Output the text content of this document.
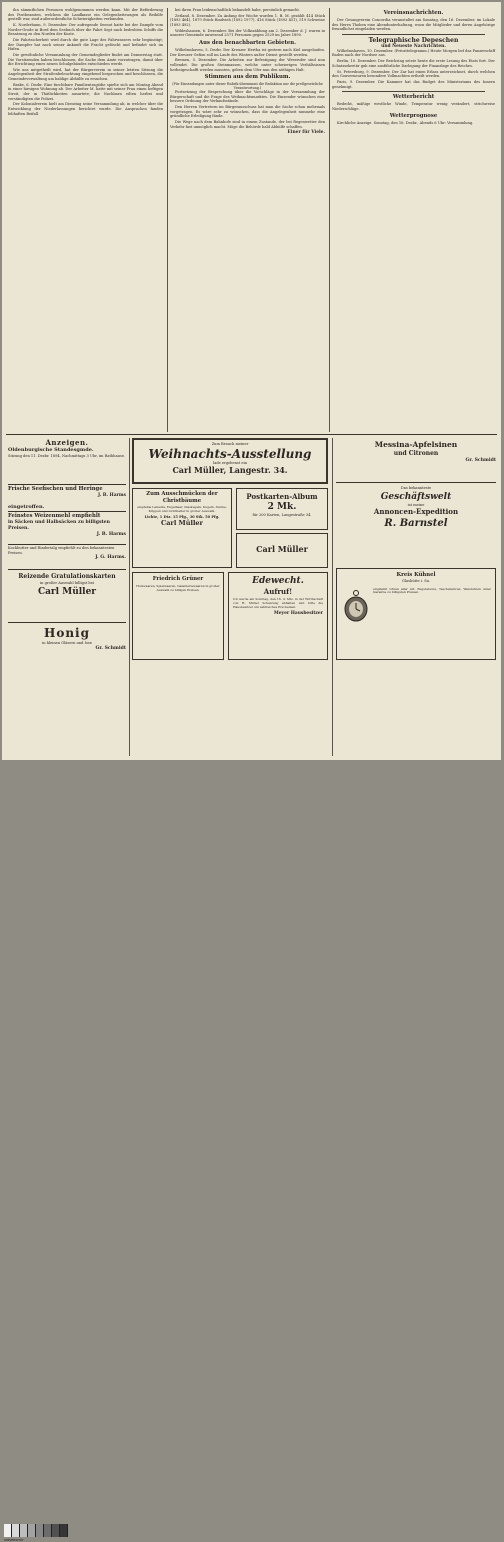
ihn sämmtlichen Personen wohlgenommen werden kann. Mit der Beförderung des Postbeamten, welchem die Landkasse ein Gelegenheitswagen als Beihilfe gestellt war, sind außerordentliche Schwierigkeiten verbunden.

K. Norderhaun, 9. Dezember. Der aufregende Seenot hatte bei der Dampfe vom Norder-Grode in Bord dem Seebuch über die Fahrt Sept nach bedrohten Schiffs die Besatzung zu den Norden der Kuste.

Die Fahrtsicherheit wird durch die gute Lage des Fahrwassers sehr begünstigt; der Dampfer hat nach seiner Ankunft die Fracht gelöscht und befindet sich im Hafen.

Die gewöhnliche Versammlung der Gemeindeglieder findet am Donnerstag statt. Die Vorsitzenden haben beschlossen, die Sache dem Amte vorzutragen, damit über die Errichtung eines neuen Schulgebäudes entschieden werde.

Wie uns mitgetheilt wird, hat der Bürgerverein in seiner letzten Sitzung die Angelegenheit der Straßenbeleuchtung eingehend besprochen und beschlossen, die Gemeindeverwaltung um baldige Abhülfe zu ersuchen.

Brake, 6. Dezbr. Eine furchtbare Familientragödie spielte sich am Montag Abend in einer hiesigen Wohnung ab. Der Arbeiter M. hatte mit seiner Frau einen heftigen Streit, der in Thätlichkeiten ausartete; die Nachbarn eilten herbei und verständigten die Polizei.

Der Kolonialverein hielt am Dienstag seine Versammlung ab, in welcher über die Entwicklung der Niederlassungen berichtet wurde. Die Ansprachen fanden lebhaften Beifall.

bei ihren Frau leidenschaftlich behandelt habe, persönlich gemacht.

Zetland, 8. Dezember. Zu Anfang der Woche wurden 1. B. M. gezählt 414 Stück (1893 464), 1879 Stück Rindvieh (1892 1977), 416 Stück (1893 451), 519 Schweine (1893 492).

Wildeshausen, 6. Dezember. Bei der Volkszählung am 2. Dezember d. J. waren in unserer Gemeinde anwesend 2571 Personen gegen 2529 im Jahre 1890.

Aus den benachbarten Gebieten.

Wilhelmshaven, 5. Dezbr. Der Kreuzer Hertha ist gestern nach Kiel ausgelaufen. Der Kreuzer Gefion soll im Laufe des Winters außer Dienst gestellt werden.

Bremen, 5. Dezember. Die Arbeiten zur Befestigung der Weserufer sind nun vollendet. Die großen Steinmassen, welche unter schwierigen Verhältnissen herbeigeschafft werden mussten, geben dem Ufer nun den nöthigen Halt.

Stimmen aus dem Publikum.
(Für Einsendungen unter dieser Rubrik übernimmt die Redaktion nur die preßgesetzliche Verantwortung.)

Fortsetzung der Besprechung über die Vorschläge in der Versammlung der Bürgerschaft und die Frage des Weihnachtsmarktes. Die Einsender wünschen eine bessere Ordnung der Verkaufsstände.

Den Herren Vertretern im Bürgerausschuss hat man die Sache schon mehrmals vorgetragen. Es wäre sehr zu wünschen, dass die Angelegenheit nunmehr eine gründliche Erledigung fände.

Die Wege nach dem Bahnhofe sind in einem Zustande, der bei Regenwetter den Verkehr fast unmöglich macht. Möge die Behörde bald Abhülfe schaffen.

Einer für Viele.
Vereinsnachrichten.

Der Gesangverein Concordia veranstaltet am Sonntag, den 16. Dezember, im Lokale des Herrn Thoben eine Abendunterhaltung, wozu die Mitglieder und deren Angehörige freundlichst eingeladen werden.

Telegraphische Depeschen
und Neueste Nachrichten.

Wilhelmshaven, 10. Dezember. (Privattelegramm.) Heute Morgen lief das Panzerschiff Baden nach der Nordsee aus.

Berlin, 10. Dezember. Der Reichstag setzte heute die erste Lesung des Etats fort. Der Schatzsekretär gab eine ausführliche Darlegung der Finanzlage des Reiches.

St. Petersburg, 9. Dezember. Der Zar hat einen Erlass unterzeichnet, durch welchen den Gouverneuren besondere Vollmachten ertheilt werden.

Paris, 9. Dezember. Die Kammer hat das Budget des Ministeriums des Innern genehmigt.

Wetterbericht

Bedeckt, mäßige westliche Winde, Temperatur wenig verändert, strichweise Niederschläge.

Wetterprognose

Kirchliche Anzeige. Sonntag, den 16. Dezbr., Abends 6 Uhr: Versammlung.

Anzeigen.
Oldenburgische Standesgmde.
Sitzung den 11. Dezbr. 1894, Nachmittags 3 Uhr, im Rathhause.
Frische Seefischen und Heringe
eingetroffen.
J. B. Harms
Feinstes Weizenmehl empfiehlt
in Säcken und Halbsäcken zu billigsten Preisen.
J. B. Harms
Kochbutter und Rindertalg empfiehlt zu den bekanntesten Preisen.
J. G. Harms.
Reizende Gratulationskarten
in großer Auswahl billigst bei
Carl Müller
Honig
in kleinen Gläsern und lose
Gr. Schmidt
Zum Besuch meiner
Weihnachts-Ausstellung
lade ergebenst ein
Carl Müller, Langestr. 34.
Zum Ausschmücken der Christbäume
empfehle Lametta, Engelhaar, Glaskugeln, Kugeln, Sterne, Krippen und Lichthalter in großer Auswahl.
Lichte, 1 Dtz. 15 Pfg., 30 Stk. 50 Pfg.
Carl Müller
Postkarten-Album
2 Mk.
für 200 Karten, Langestraße 34.
Carl Müller
Friedrich Grüner
Holzwaaren, Spielwaaren, Galanteriewaaren in großer Auswahl zu billigen Preisen.
Edewecht.
Aufruf!
Ich werde am Sonntag, den 16. d. Mts. in der Wirthschaft von H. Müller Schatzung abhalten und bitte die Hausbesitzer um zahlreiches Erscheinen.
Meyer Hausbesitzer
Messina-Apfelsinen
und Citronen
Gr. Schmidt
Das bekannteste
Geschäftswelt
ist meine
Annoncen-Expedition
R. Barnstel
Kreis Kühnel
Glashütte i. Sa.
empfiehlt Uhren aller Art, Regulateure, Taschenuhren, Wanduhren unter Garantie zu billigsten Preisen.
UNIVERSITÄT
